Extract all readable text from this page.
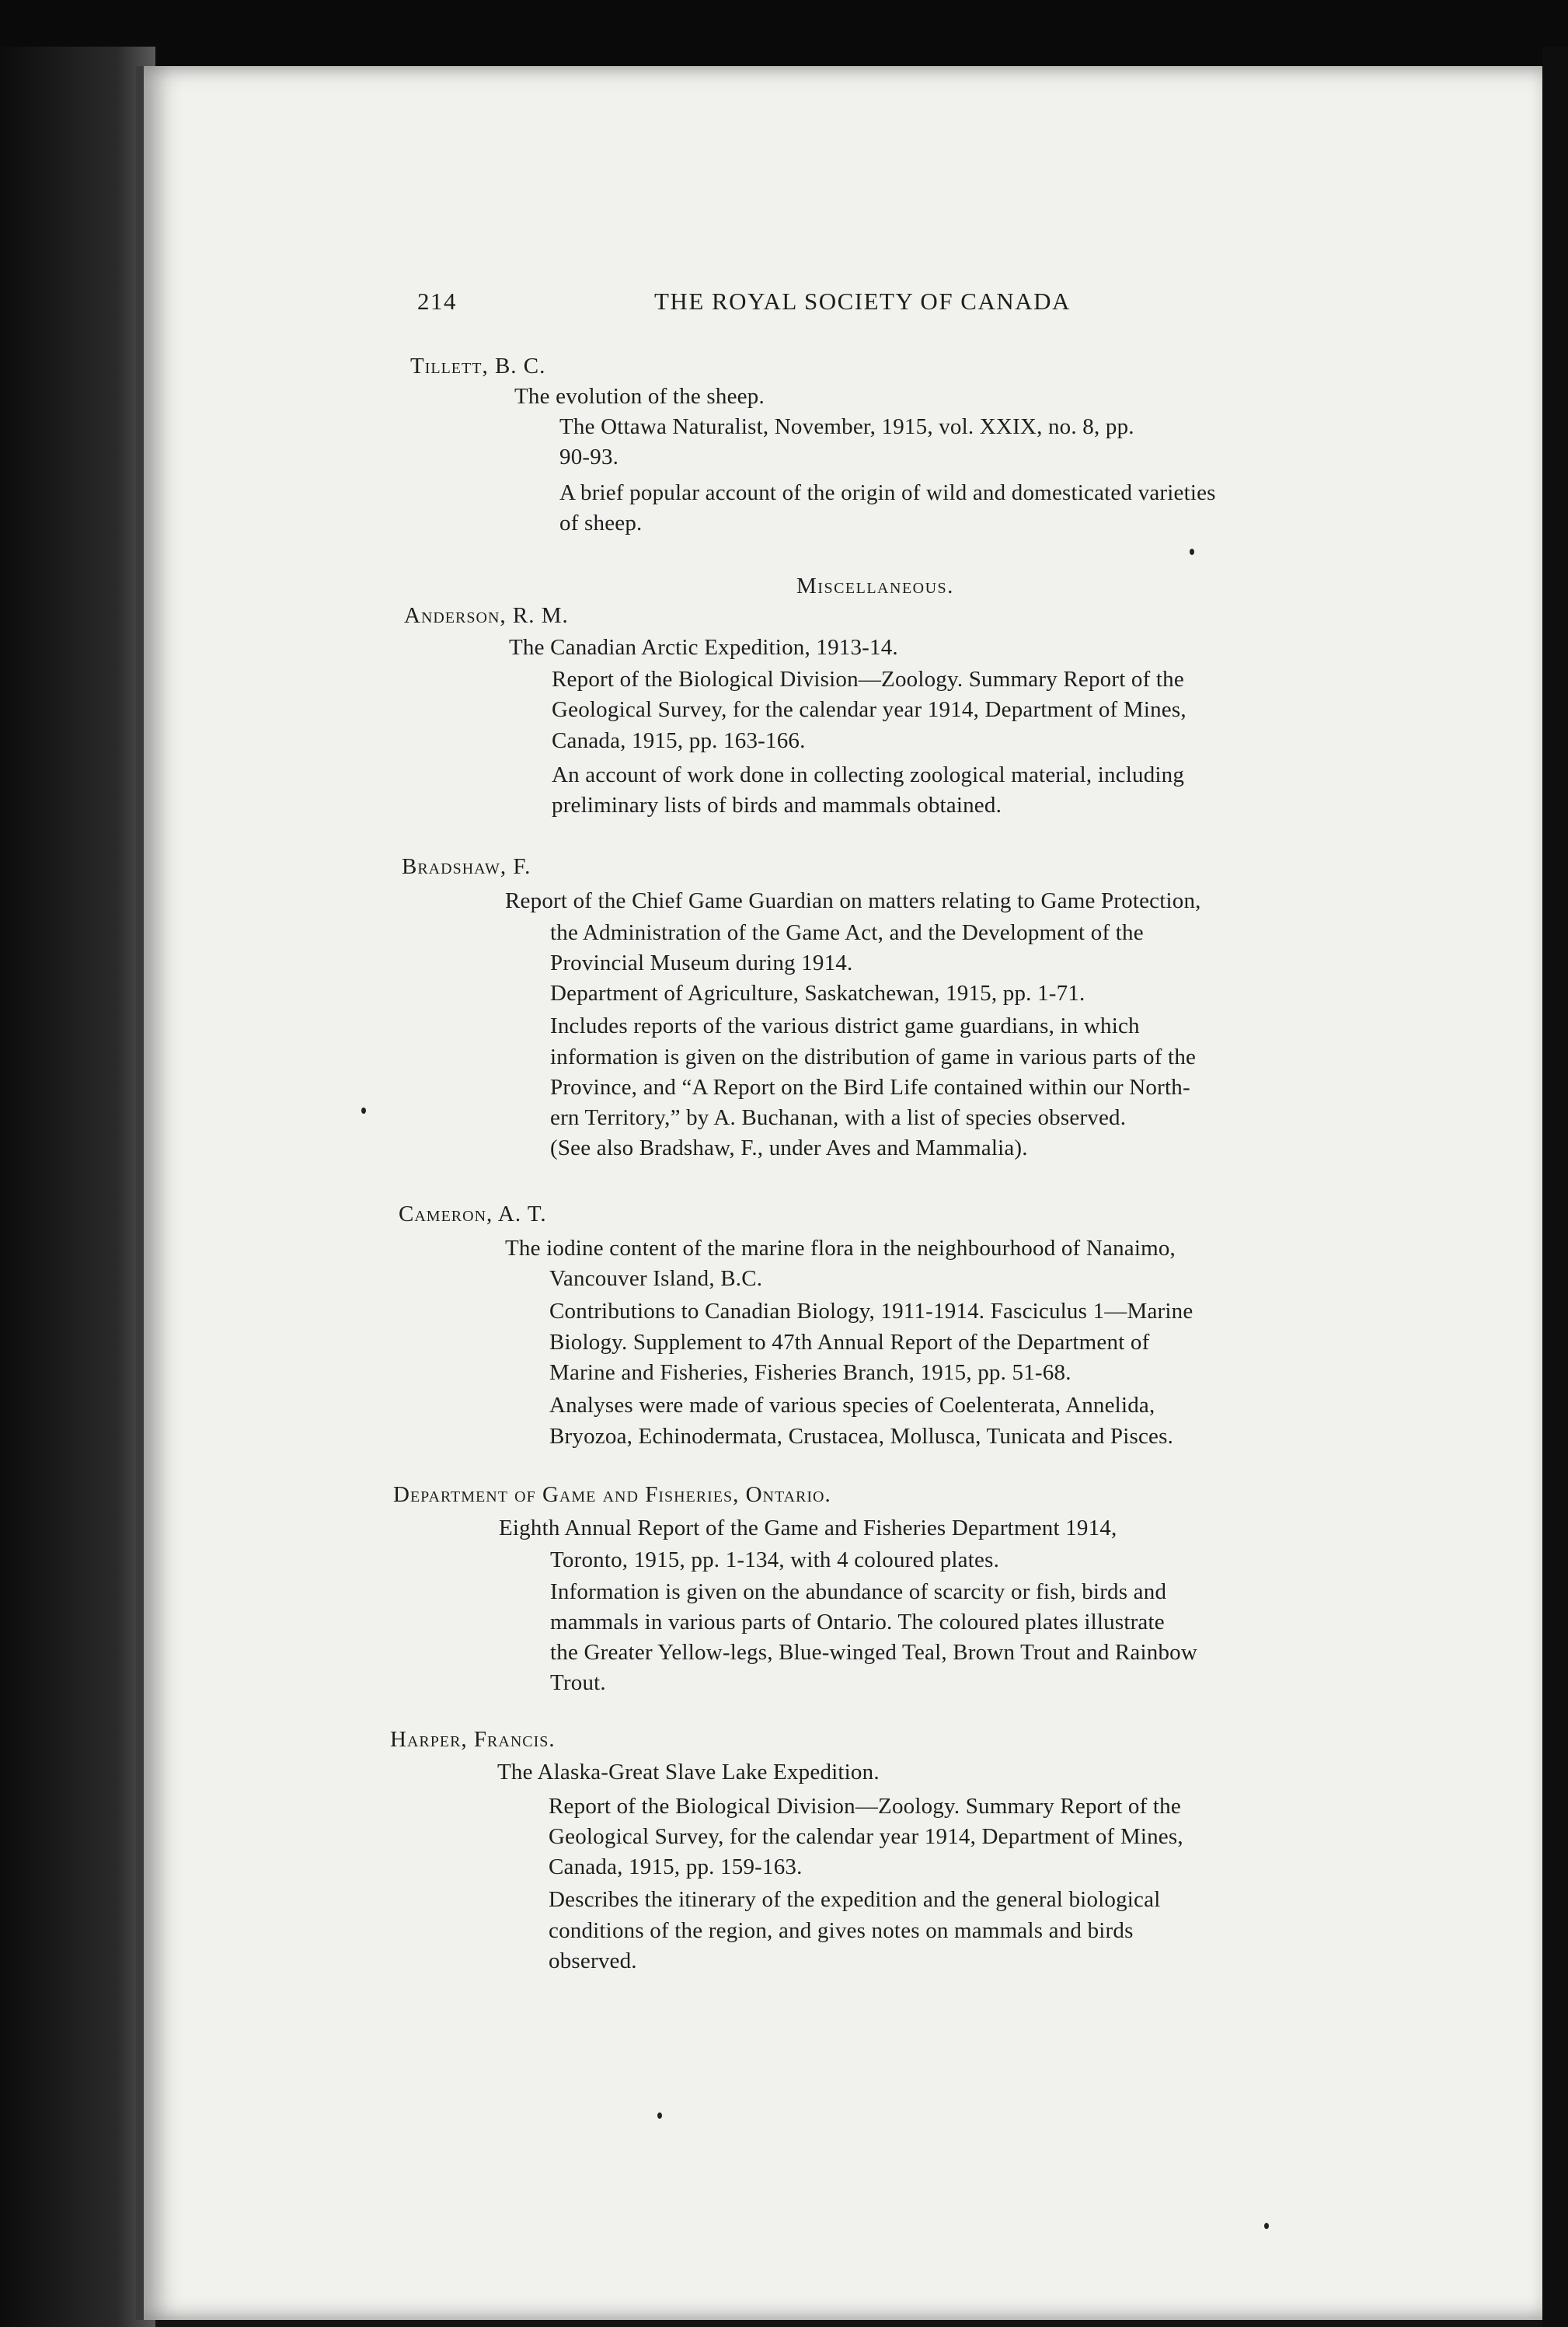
214	THE ROYAL SOCIETY OF CANADA
Tillett, B. C.
The evolution of the sheep.
The Ottawa Naturalist, November, 1915, vol. XXIX, no. 8, pp.
90-93.
A brief popular account of the origin of wild and domesticated varieties
of sheep.
Miscellaneous.
Anderson, R. M.
The Canadian Arctic Expedition, 1913-14.
Report of the Biological Division—Zoology. Summary Report of the
Geological Survey, for the calendar year 1914, Department of Mines,
Canada, 1915, pp. 163-166.
An account of work done in collecting zoological material, including
preliminary lists of birds and mammals obtained.
Bradshaw, F.
Report of the Chief Game Guardian on matters relating to Game Protection,
the Administration of the Game Act, and the Development of the
Provincial Museum during 1914.
Department of Agriculture, Saskatchewan, 1915, pp. 1-71.
Includes reports of the various district game guardians, in which
information is given on the distribution of game in various parts of the
Province, and “A Report on the Bird Life contained within our North-
ern Territory,” by A. Buchanan, with a list of species observed.
(See also Bradshaw, F., under Aves and Mammalia).
Cameron, A. T.
The iodine content of the marine flora in the neighbourhood of Nanaimo,
Vancouver Island, B.C.
Contributions to Canadian Biology, 1911-1914. Fasciculus 1—Marine
Biology. Supplement to 47th Annual Report of the Department of
Marine and Fisheries, Fisheries Branch, 1915, pp. 51-68.
Analyses were made of various species of Coelenterata, Annelida,
Bryozoa, Echinodermata, Crustacea, Mollusca, Tunicata and Pisces.
Department of Game and Fisheries, Ontario.
Eighth Annual Report of the Game and Fisheries Department 1914,
Toronto, 1915, pp. 1-134, with 4 coloured plates.
Information is given on the abundance of scarcity or fish, birds and
mammals in various parts of Ontario. The coloured plates illustrate
the Greater Yellow-legs, Blue-winged Teal, Brown Trout and Rainbow
Trout.
Harper, Francis.
The Alaska-Great Slave Lake Expedition.
Report of the Biological Division—Zoology. Summary Report of the
Geological Survey, for the calendar year 1914, Department of Mines,
Canada, 1915, pp. 159-163.
Describes the itinerary of the expedition and the general biological
conditions of the region, and gives notes on mammals and birds
observed.
